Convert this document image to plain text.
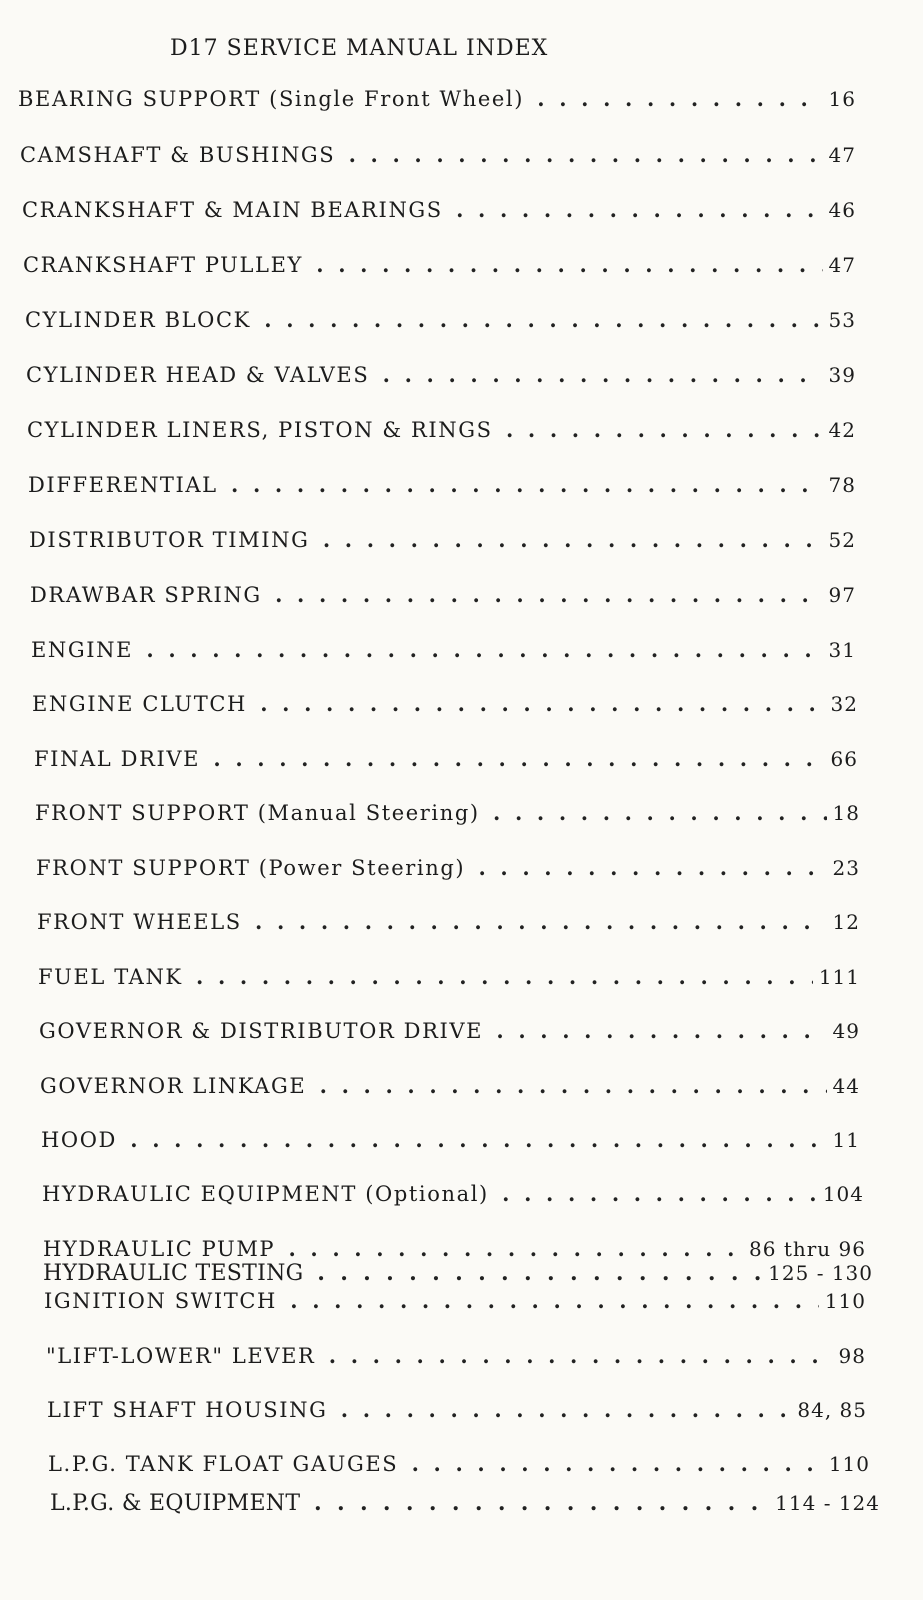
D17 SERVICE MANUAL INDEX
BEARING SUPPORT (Single Front Wheel) . .	16
CAMSHAFT & BUSHINGS . .	47
CRANKSHAFT & MAIN BEARINGS . .	46
CRANKSHAFT PULLEY . .	47
CYLINDER BLOCK . .	53
CYLINDER HEAD & VALVES . .	39
CYLINDER LINERS, PISTON & RINGS . .	42
DIFFERENTIAL . .	78
DISTRIBUTOR TIMING . .	52
DRAWBAR SPRING . .	97
ENGINE . .	31
ENGINE CLUTCH . .	32
FINAL DRIVE . .	66
FRONT SUPPORT (Manual Steering) . .	18
FRONT SUPPORT (Power Steering) . .	23
FRONT WHEELS . .	12
FUEL TANK . .	111
GOVERNOR & DISTRIBUTOR DRIVE . .	49
GOVERNOR LINKAGE . .	44
HOOD . .	11
HYDRAULIC EQUIPMENT (Optional) . .	104
HYDRAULIC PUMP . .	86 thru 96
HYDRAULIC TESTING . .	125 - 130
IGNITION SWITCH . .	110
"LIFT-LOWER" LEVER . .	98
LIFT SHAFT HOUSING . .	84, 85
L.P.G. TANK FLOAT GAUGES . .	110
L.P.G. & EQUIPMENT . .	114 - 124
